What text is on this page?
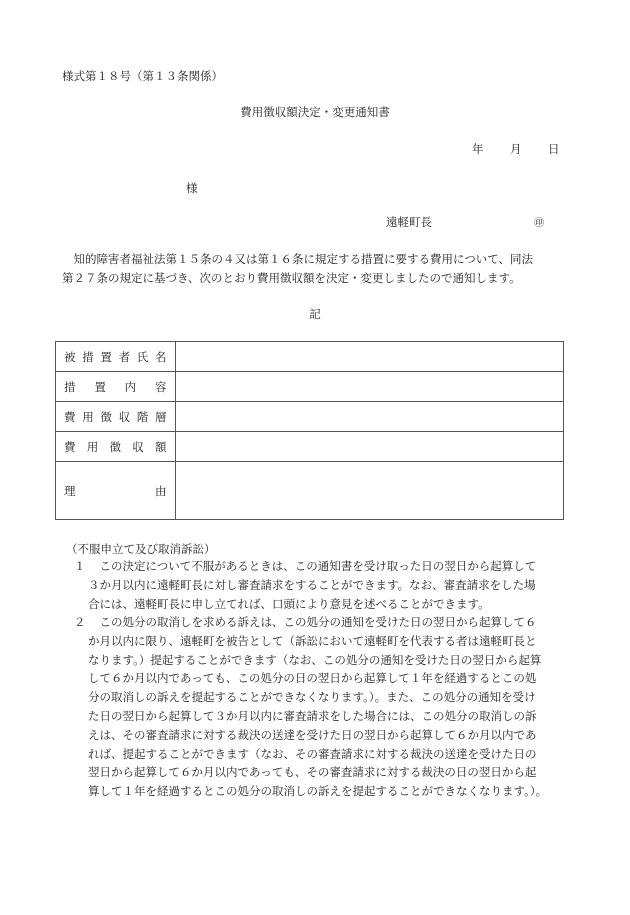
様式第１８号（第１３条関係）
費用徴収額決定・変更通知書
年 月 日
様
遠軽町長	㊞
　知的障害者福祉法第１５条の４又は第１６条に規定する措置に要する費用について、同法
第２７条の規定に基づき、次のとおり費用徴収額を決定・変更しましたので通知します。
記
被措置者氏名	
措置内容	
費用徴収階層	
費用徴収額	
理由	
（不服申立て及び取消訴訟）
１ 　この決定について不服があるときは、この通知書を受け取った日の翌日から起算して
３か月以内に遠軽町長に対し審査請求をすることができます。なお、審査請求をした場
合には、遠軽町長に申し立てれば、口頭により意見を述べることができます。
２ 　この処分の取消しを求める訴えは、この処分の通知を受けた日の翌日から起算して６
か月以内に限り、遠軽町を被告として（訴訟において遠軽町を代表する者は遠軽町長と
なります。）提起することができます（なお、この処分の通知を受けた日の翌日から起算
して６か月以内であっても、この処分の日の翌日から起算して１年を経過するとこの処
分の取消しの訴えを提起することができなくなります。）。また、この処分の通知を受け
た日の翌日から起算して３か月以内に審査請求をした場合には、この処分の取消しの訴
えは、その審査請求に対する裁決の送達を受けた日の翌日から起算して６か月以内であ
れば、提起することができます（なお、その審査請求に対する裁決の送達を受けた日の
翌日から起算して６か月以内であっても、その審査請求に対する裁決の日の翌日から起
算して１年を経過するとこの処分の取消しの訴えを提起することができなくなります。）。
